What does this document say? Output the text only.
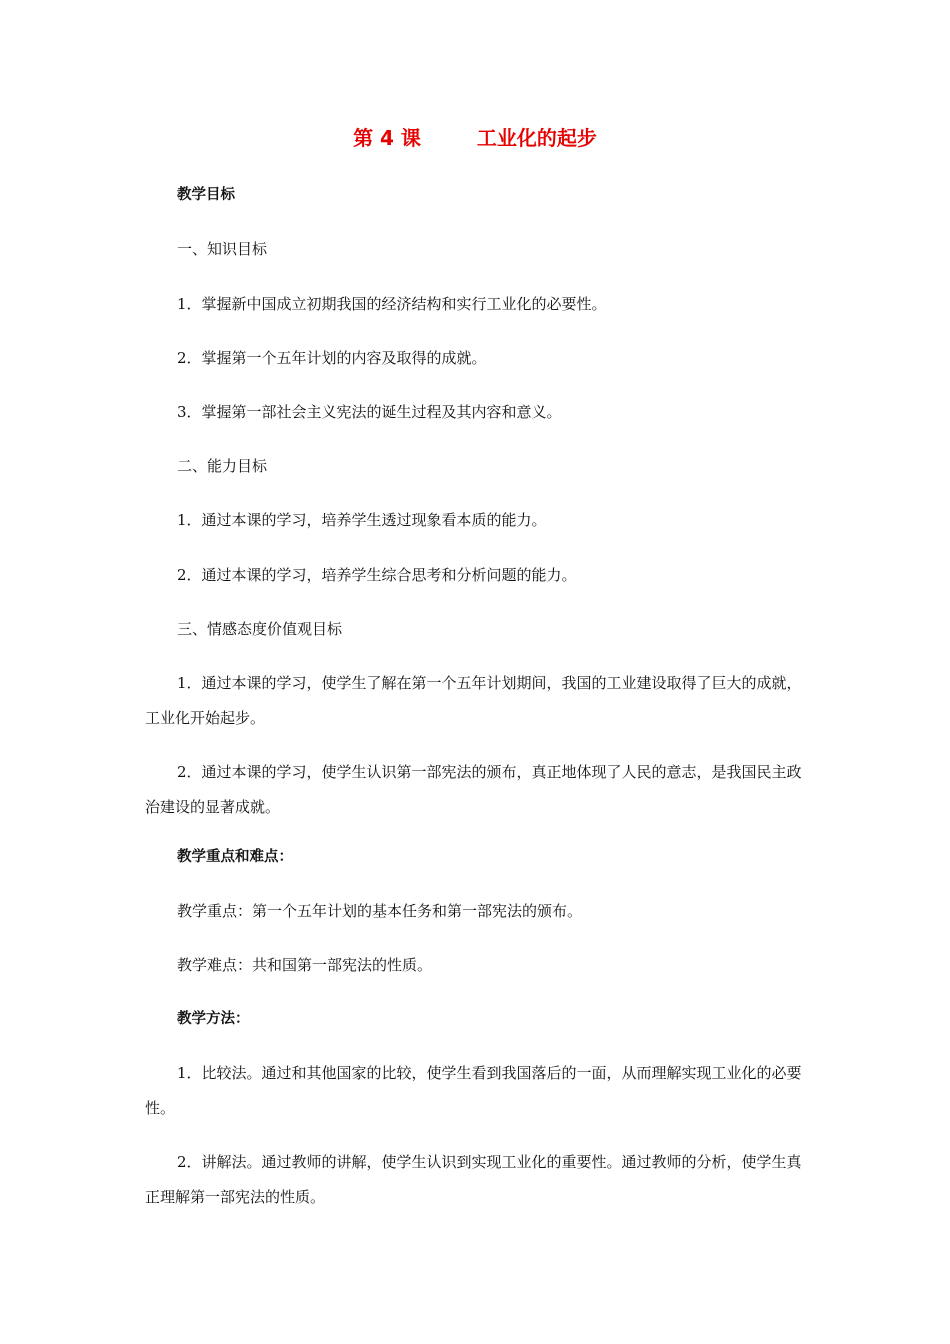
第 4 课	工业化的起步
教学目标
一、知识目标
1．掌握新中国成立初期我国的经济结构和实行工业化的必要性。
2．掌握第一个五年计划的内容及取得的成就。
3．掌握第一部社会主义宪法的诞生过程及其内容和意义。
二、能力目标
1．通过本课的学习，培养学生透过现象看本质的能力。
2．通过本课的学习，培养学生综合思考和分析问题的能力。
三、情感态度价值观目标
1．通过本课的学习，使学生了解在第一个五年计划期间，我国的工业建设取得了巨大的成就，工业化开始起步。
2．通过本课的学习，使学生认识第一部宪法的颁布，真正地体现了人民的意志，是我国民主政治建设的显著成就。
教学重点和难点：
教学重点：第一个五年计划的基本任务和第一部宪法的颁布。
教学难点：共和国第一部宪法的性质。
教学方法：
1．比较法。通过和其他国家的比较，使学生看到我国落后的一面，从而理解实现工业化的必要性。
2．讲解法。通过教师的讲解，使学生认识到实现工业化的重要性。通过教师的分析，使学生真正理解第一部宪法的性质。
